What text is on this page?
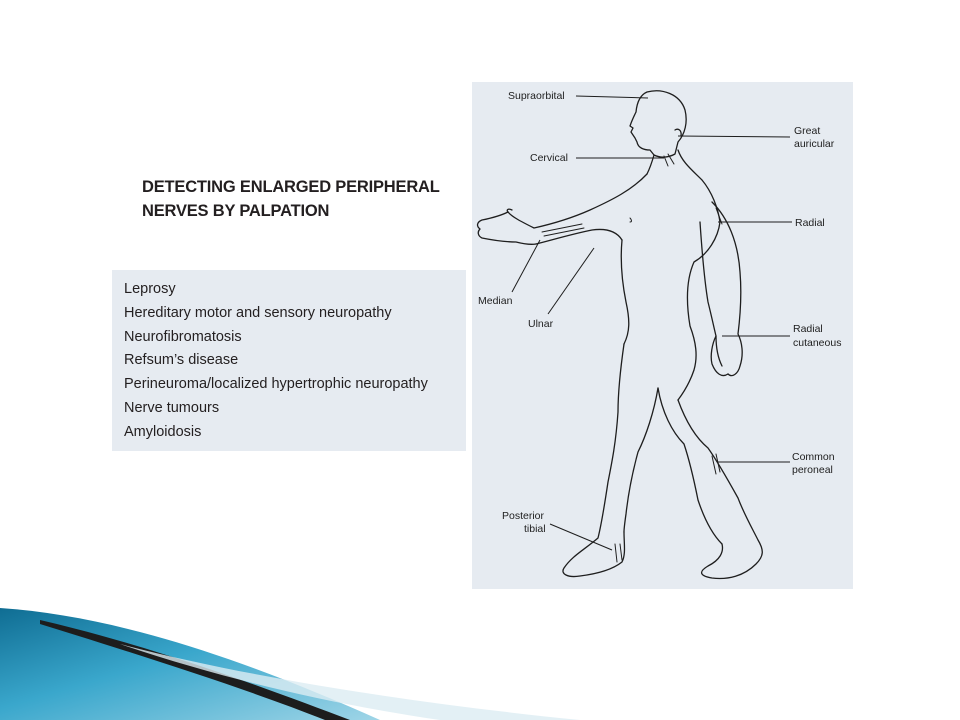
DETECTING ENLARGED PERIPHERAL
NERVES BY PALPATION
Leprosy
Hereditary motor and sensory neuropathy
Neurofibromatosis
Refsum’s disease
Perineuroma/localized hypertrophic neuropathy
Nerve tumours
Amyloidosis
Supraorbital
Cervical
Great
auricular
Radial
Median
Ulnar	Radial
cutaneous
Common
peroneal
Posterior
tibial
